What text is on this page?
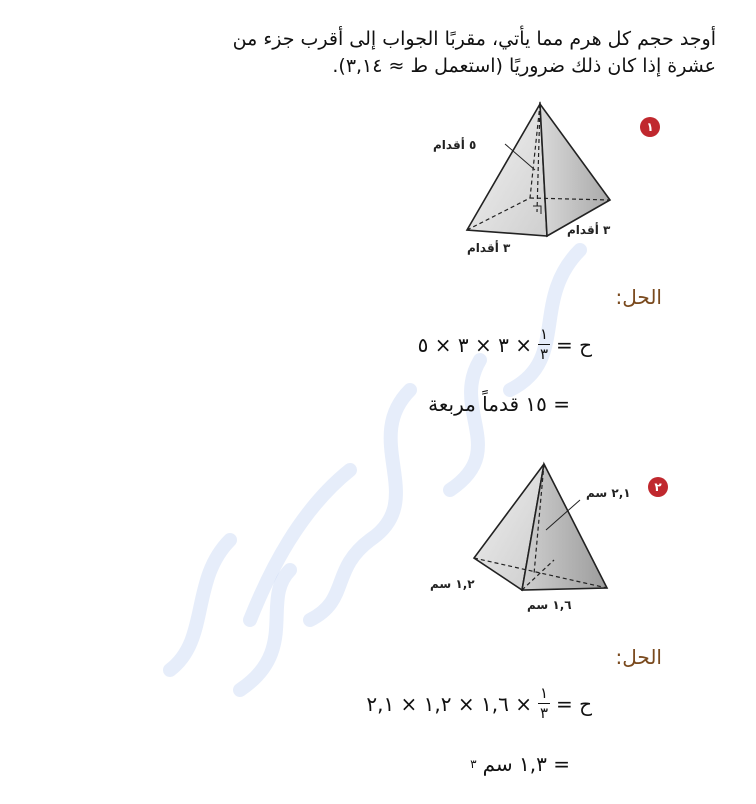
أوجد حجم كل هرم مما يأتي، مقربًا الجواب إلى أقرب جزء من
عشرة إذا كان ذلك ضروريًا (استعمل ط ≈ ٣,١٤).
١
٥ أقدام
٣ أقدام
٣ أقدام
الحل:
ح =
$\frac{١}{٣}$
× ٣ × ٣ × ٥
= ١٥ قدماً مربعة
٢
٢,١ سم
١,٢ سم
١,٦ سم
الحل:
ح =
$\frac{١}{٣}$
× ١,٦ × ١,٢ × ٢,١
= ١,٣ سم
٣
